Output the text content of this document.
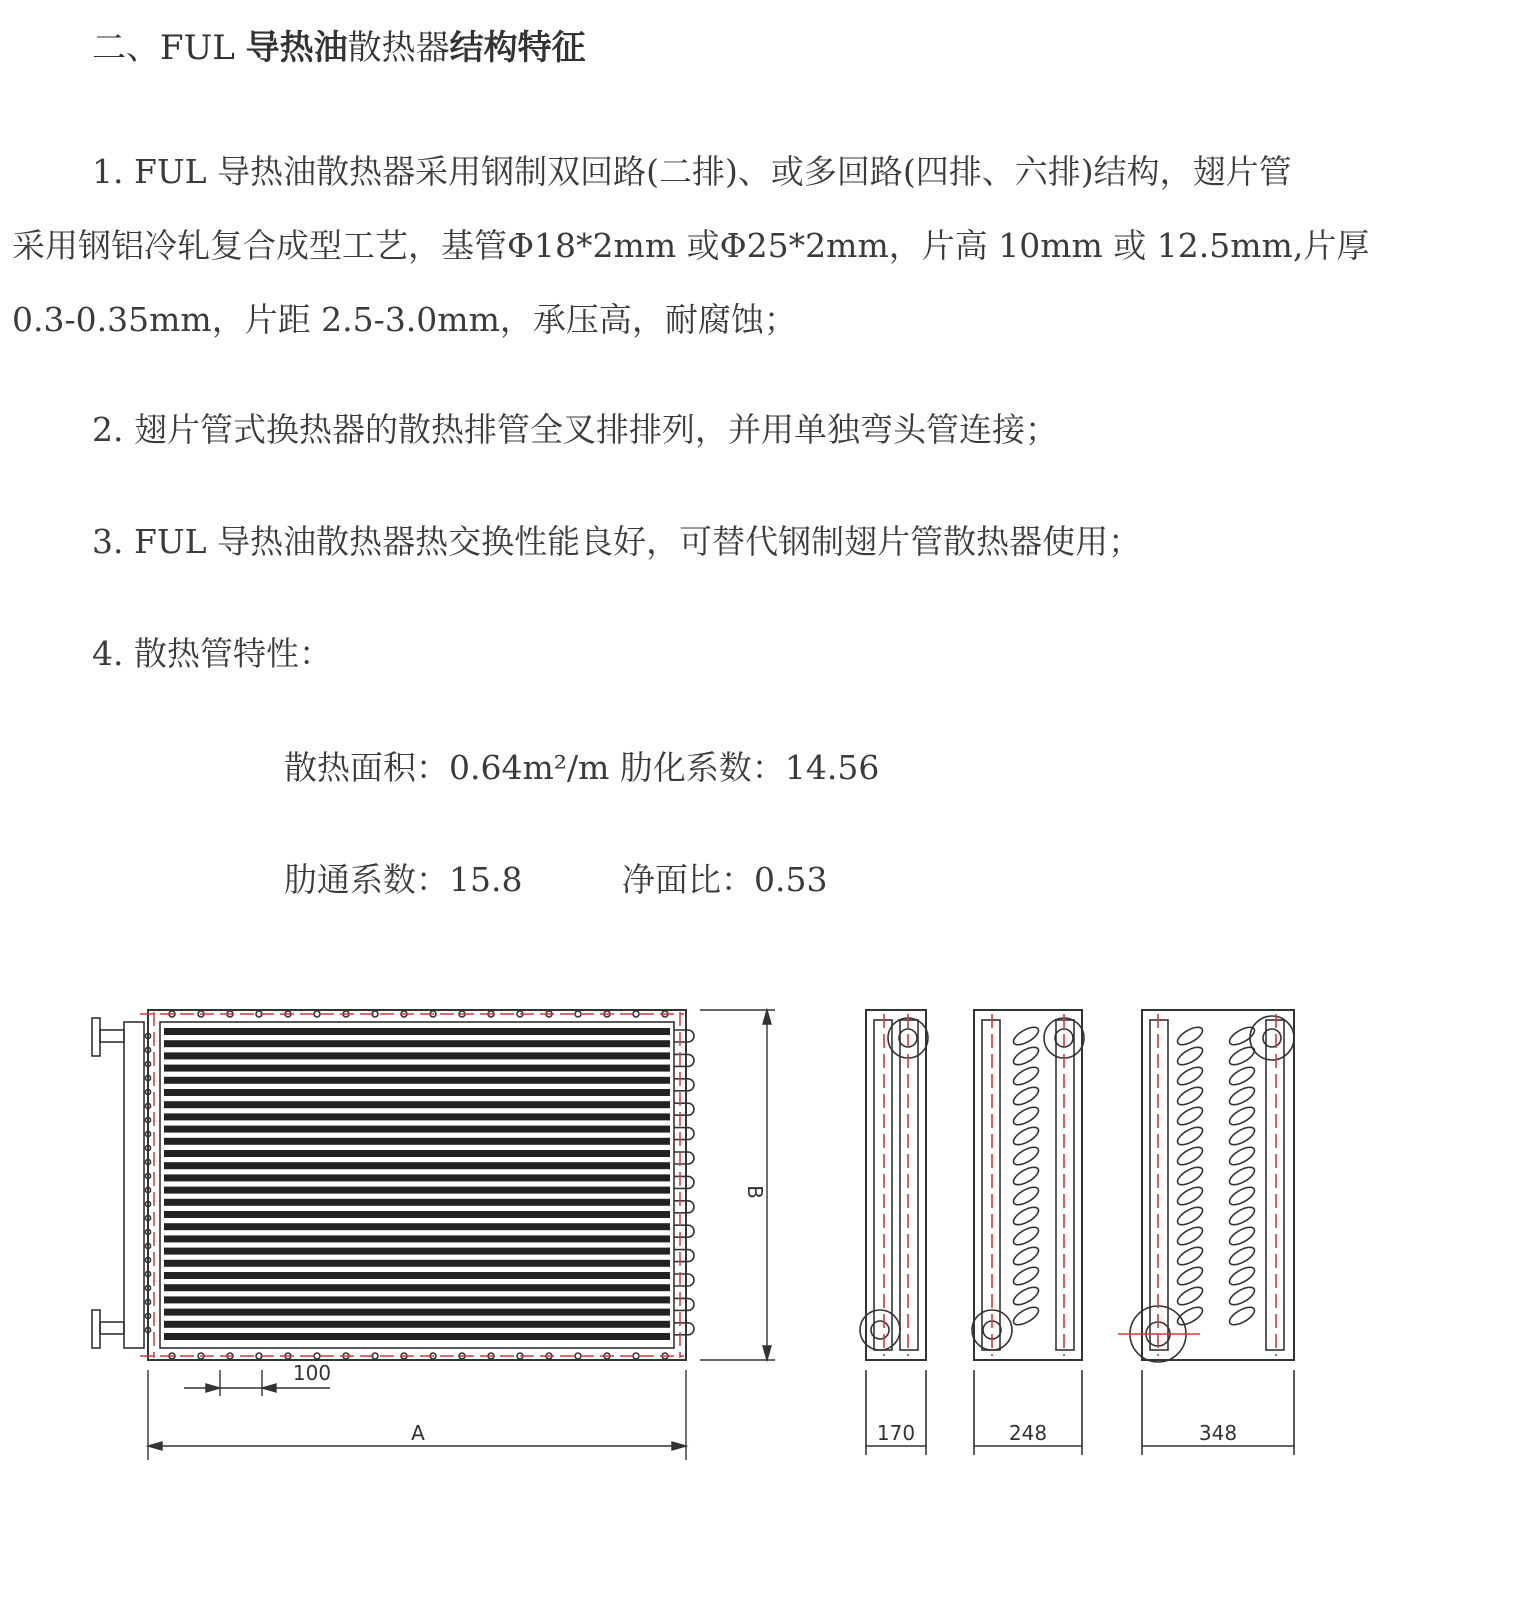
二、FUL 导热油散热器结构特征
1. FUL 导热油散热器采用钢制双回路(二排)、或多回路(四排、六排)结构，翅片管
采用钢铝冷轧复合成型工艺，基管Φ18*2mm 或Φ25*2mm，片高 10mm 或 12.5mm,片厚
0.3-0.35mm，片距 2.5-3.0mm，承压高，耐腐蚀；
2. 翅片管式换热器的散热排管全叉排排列，并用单独弯头管连接；
3. FUL 导热油散热器热交换性能良好，可替代钢制翅片管散热器使用；
4. 散热管特性：
散热面积：0.64m²/m 肋化系数：14.56
肋通系数：15.8	净面比：0.53
A
B
100
170	248	348
